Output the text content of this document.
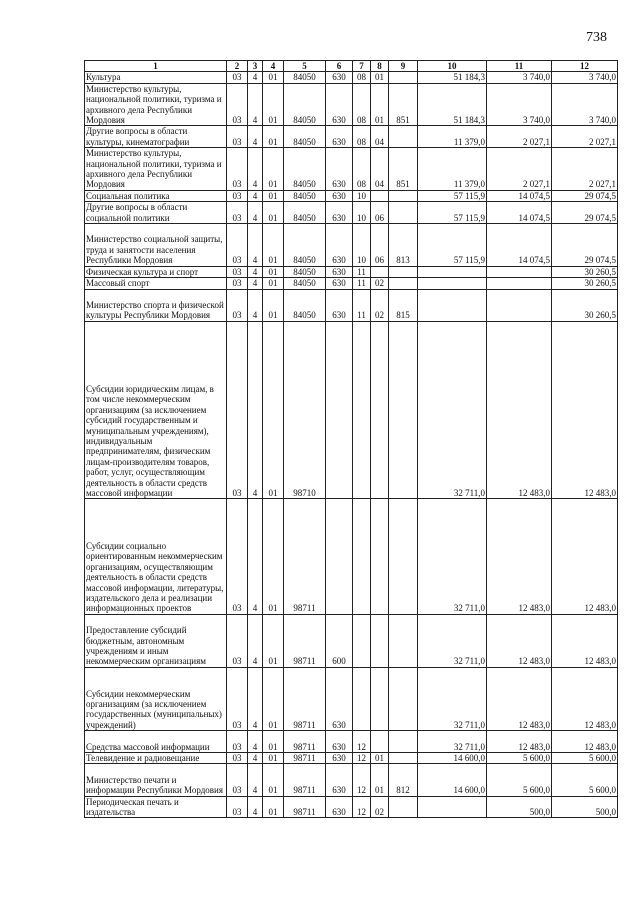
738
1	2	3	4	5	6	7	8	9	10	11	12
Культура	03	4	01	84050	630	08	01		51 184,3	3 740,0	3 740,0
Министерство культуры, национальной политики, туризма и архивного дела Республики Мордовия	03	4	01	84050	630	08	01	851	51 184,3	3 740,0	3 740,0
Другие вопросы в области культуры, кинематографии	03	4	01	84050	630	08	04		11 379,0	2 027,1	2 027,1
Министерство культуры, национальной политики, туризма и архивного дела Республики Мордовия	03	4	01	84050	630	08	04	851	11 379,0	2 027,1	2 027,1
Социальная политика	03	4	01	84050	630	10			57 115,9	14 074,5	29 074,5
Другие вопросы в области социальной политики	03	4	01	84050	630	10	06		57 115,9	14 074,5	29 074,5
Министерство социальной защиты, труда и занятости населения Республики Мордовия	03	4	01	84050	630	10	06	813	57 115,9	14 074,5	29 074,5
Физическая культура и спорт	03	4	01	84050	630	11					30 260,5
Массовый спорт	03	4	01	84050	630	11	02				30 260,5
Министерство спорта и физической культуры Республики Мордовия	03	4	01	84050	630	11	02	815			30 260,5
Субсидии юридическим лицам, в том числе некоммерческим организациям (за исключением субсидий государственным и муниципальным учреждениям), индивидуальным предпринимателям, физическим лицам-производителям товаров, работ, услуг, осуществляющим деятельность в области средств массовой информации	03	4	01	98710					32 711,0	12 483,0	12 483,0
Субсидии социально ориентированным некоммерческим организациям, осуществляющим деятельность в области средств массовой информации, литературы, издательского дела и реализации информационных проектов	03	4	01	98711					32 711,0	12 483,0	12 483,0
Предоставление субсидий бюджетным, автономным учреждениям и иным некоммерческим организациям	03	4	01	98711	600				32 711,0	12 483,0	12 483,0
Субсидии некоммерческим организациям (за исключением государственных (муниципальных) учреждений)	03	4	01	98711	630				32 711,0	12 483,0	12 483,0
Средства массовой информации	03	4	01	98711	630	12			32 711,0	12 483,0	12 483,0
Телевидение и радиовещание	03	4	01	98711	630	12	01		14 600,0	5 600,0	5 600,0
Министерство печати и информации Республики Мордовия	03	4	01	98711	630	12	01	812	14 600,0	5 600,0	5 600,0
Периодическая печать и издательства	03	4	01	98711	630	12	02			500,0	500,0
